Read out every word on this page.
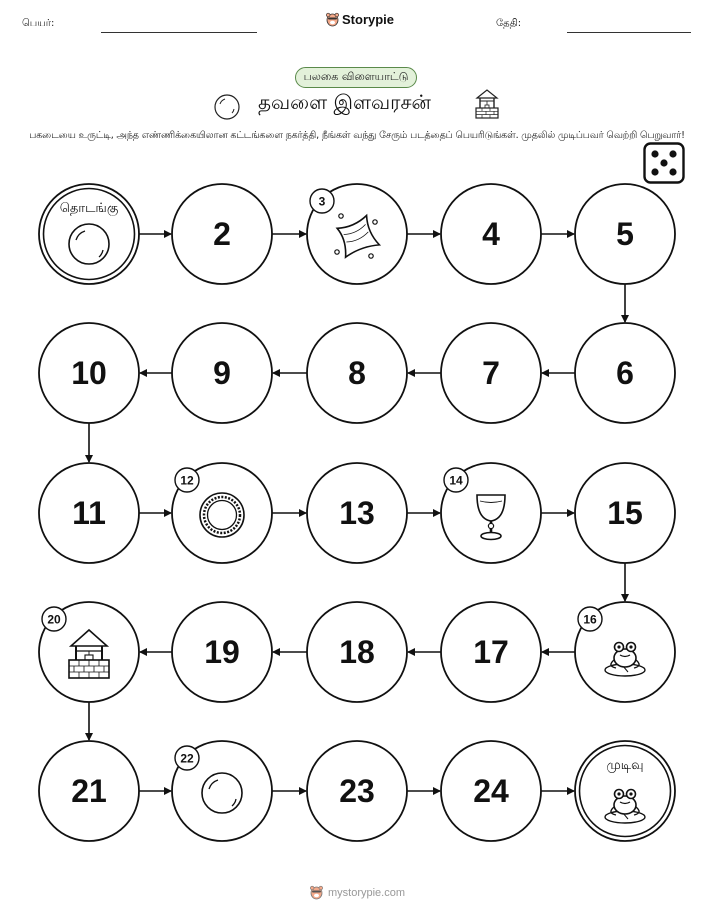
பெயர்:	Storypie	தேதி:
பலகை விளையாட்டு
தவளை இளவரசன்
பகடையை உருட்டி, அந்த எண்ணிக்கையிலான கட்டங்களை நகர்த்தி, நீங்கள் வந்து சேரும் படத்தைப் பெயரிடுங்கள். முதலில் முடிப்பவர் வெற்றி பெறுவார்!
தொடங்கு
2
3
4	5
6
7
8
9
10
11
12
13
14
15
16
17
18
19
20
21
22
23	24
முடிவு
mystorypie.com
